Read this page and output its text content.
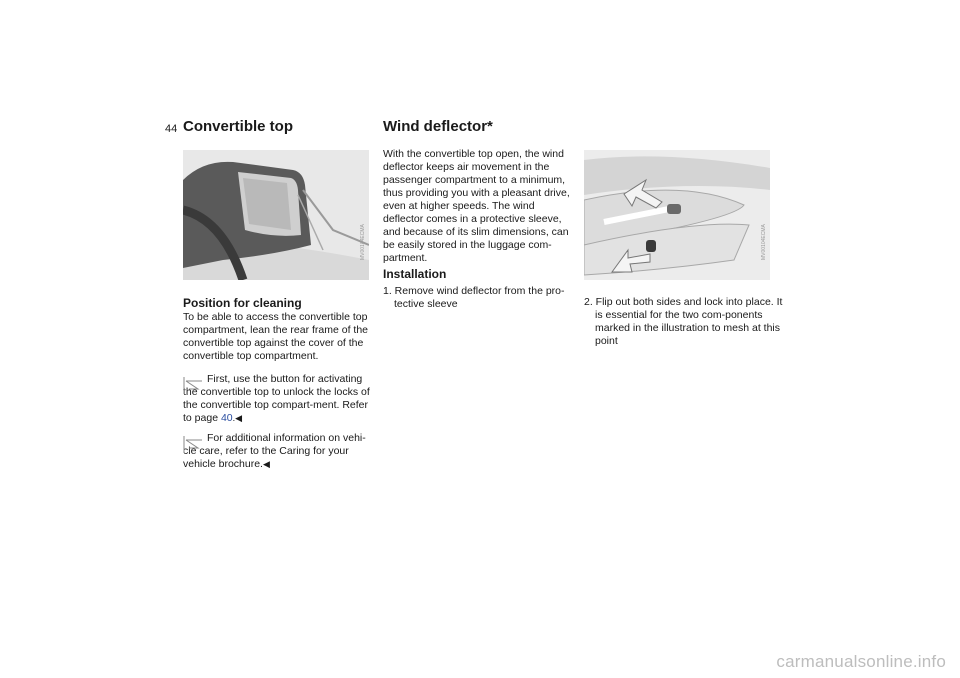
44 Convertible top
MV00104ECMA
Position for cleaning

To be able to access the convertible top compartment, lean the rear frame of the convertible top against the cover of the convertible top compartment.

First, use the button for activating the convertible top to unlock the locks of the convertible top compart-ment. Refer to page 40.◀

For additional information on vehi-cle care, refer to the Caring for your vehicle brochure.◀

Wind deflector*

With the convertible top open, the wind deflector keeps air movement in the passenger compartment to a minimum, thus providing you with a pleasant drive, even at higher speeds. The wind deflector comes in a protective sleeve, and because of its slim dimensions, can be easily stored in the luggage com-partment.

Installation

1. Remove wind deflector from the pro-tective sleeve

MV00104ECMA

2. Flip out both sides and lock into place. It is essential for the two com-ponents marked in the illustration to mesh at this point

carmanualsonline.info
